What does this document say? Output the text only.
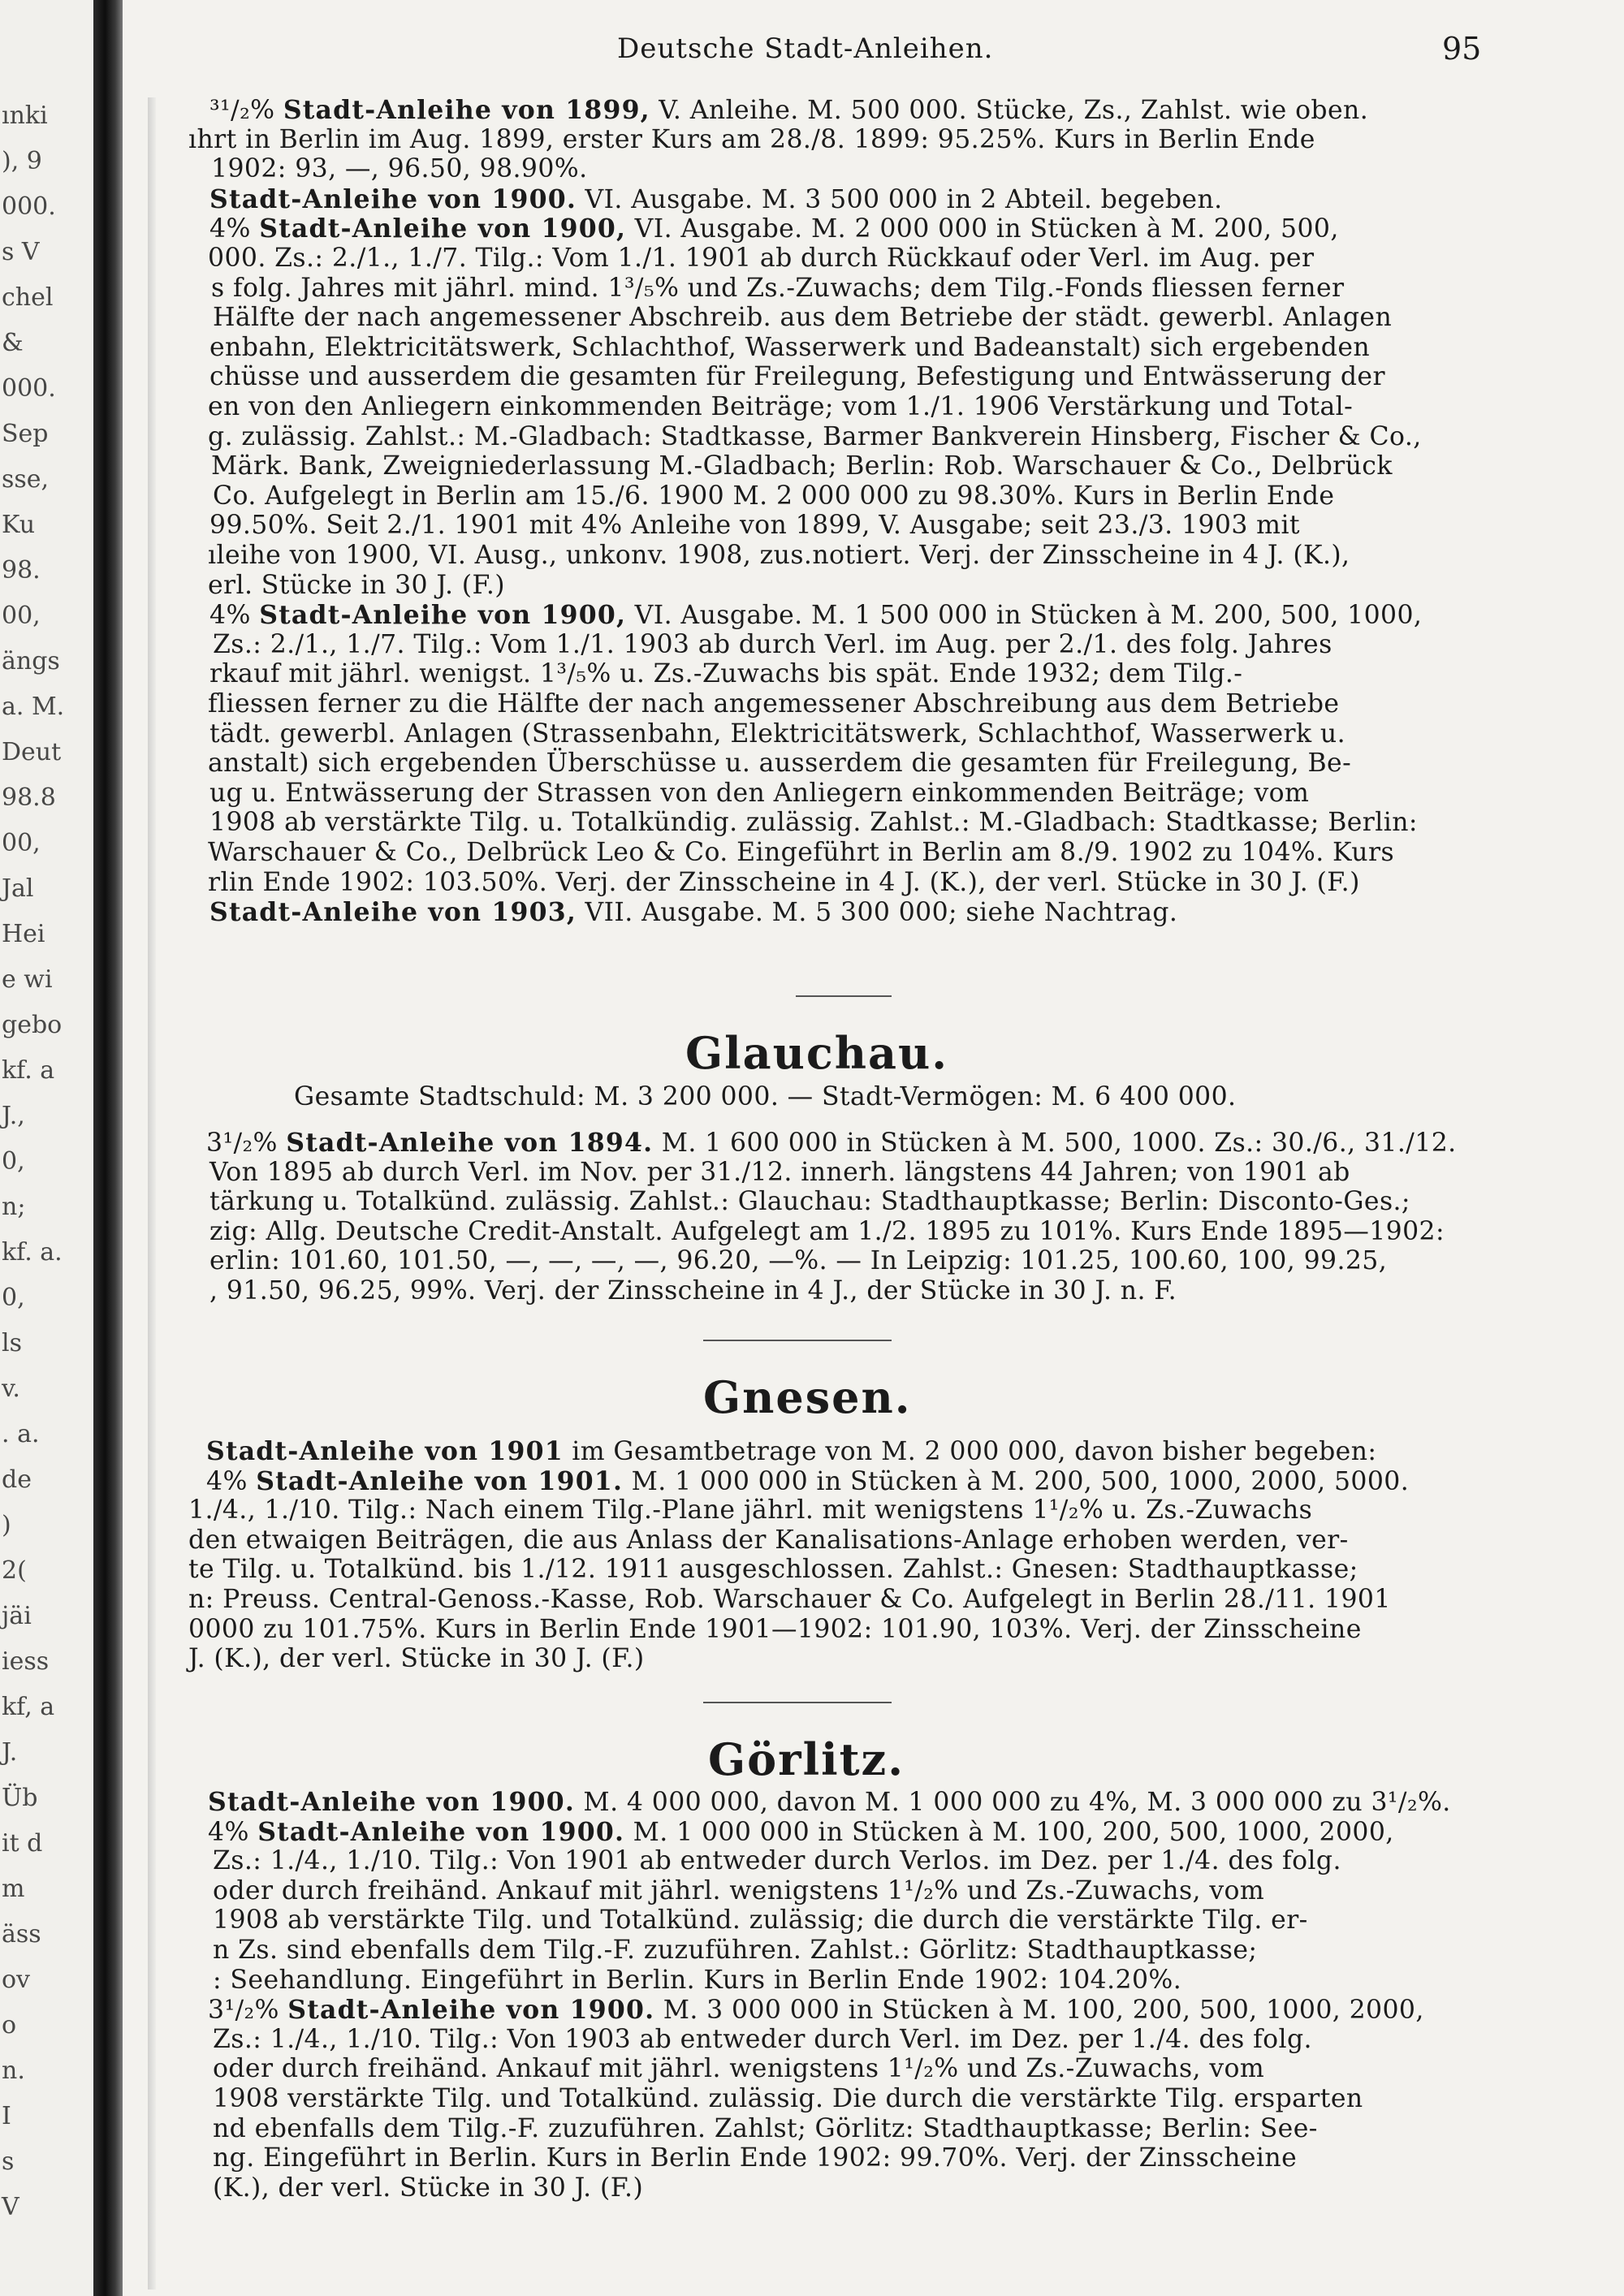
ınki
), 9
000.
s V
chel
&
000.
Sep
sse,
Ku
98.
00,
ängs
a. M.
Deut
98.8
00,
Jal
Hei
e wi
gebo
kf. a
J.,
0,
n;
kf. a.
0,
ls
v.
. a.
de
)
2(
jäi
iess
kf, a
J.
Üb
it d
m
äss
ov
o
n.
I
s
V
Deutsche Stadt-Anleihen.	95
³¹/₂% Stadt-Anleihe von 1899, V. Anleihe. M. 500 000. Stücke, Zs., Zahlst. wie oben.
ıhrt in Berlin im Aug. 1899, erster Kurs am 28./8. 1899: 95.25%. Kurs in Berlin Ende
1902: 93, —, 96.50, 98.90%.
Stadt-Anleihe von 1900. VI. Ausgabe. M. 3 500 000 in 2 Abteil. begeben.
4% Stadt-Anleihe von 1900, VI. Ausgabe. M. 2 000 000 in Stücken à M. 200, 500,
000. Zs.: 2./1., 1./7. Tilg.: Vom 1./1. 1901 ab durch Rückkauf oder Verl. im Aug. per
s folg. Jahres mit jährl. mind. 1³/₅% und Zs.-Zuwachs; dem Tilg.-Fonds fliessen ferner
Hälfte der nach angemessener Abschreib. aus dem Betriebe der städt. gewerbl. Anlagen
enbahn, Elektricitätswerk, Schlachthof, Wasserwerk und Badeanstalt) sich ergebenden
chüsse und ausserdem die gesamten für Freilegung, Befestigung und Entwässerung der
en von den Anliegern einkommenden Beiträge; vom 1./1. 1906 Verstärkung und Total-
g. zulässig. Zahlst.: M.-Gladbach: Stadtkasse, Barmer Bankverein Hinsberg, Fischer & Co.,
Märk. Bank, Zweigniederlassung M.-Gladbach; Berlin: Rob. Warschauer & Co., Delbrück
Co. Aufgelegt in Berlin am 15./6. 1900 M. 2 000 000 zu 98.30%. Kurs in Berlin Ende
99.50%. Seit 2./1. 1901 mit 4% Anleihe von 1899, V. Ausgabe; seit 23./3. 1903 mit
ıleihe von 1900, VI. Ausg., unkonv. 1908, zus.notiert. Verj. der Zinsscheine in 4 J. (K.),
erl. Stücke in 30 J. (F.)
4% Stadt-Anleihe von 1900, VI. Ausgabe. M. 1 500 000 in Stücken à M. 200, 500, 1000,
Zs.: 2./1., 1./7. Tilg.: Vom 1./1. 1903 ab durch Verl. im Aug. per 2./1. des folg. Jahres
rkauf mit jährl. wenigst. 1³/₅% u. Zs.-Zuwachs bis spät. Ende 1932; dem Tilg.-
fliessen ferner zu die Hälfte der nach angemessener Abschreibung aus dem Betriebe
tädt. gewerbl. Anlagen (Strassenbahn, Elektricitätswerk, Schlachthof, Wasserwerk u.
anstalt) sich ergebenden Überschüsse u. ausserdem die gesamten für Freilegung, Be-
ug u. Entwässerung der Strassen von den Anliegern einkommenden Beiträge; vom
1908 ab verstärkte Tilg. u. Totalkündig. zulässig. Zahlst.: M.-Gladbach: Stadtkasse; Berlin:
Warschauer & Co., Delbrück Leo & Co. Eingeführt in Berlin am 8./9. 1902 zu 104%. Kurs
rlin Ende 1902: 103.50%. Verj. der Zinsscheine in 4 J. (K.), der verl. Stücke in 30 J. (F.)
Stadt-Anleihe von 1903, VII. Ausgabe. M. 5 300 000; siehe Nachtrag.
Glauchau.
Gesamte Stadtschuld: M. 3 200 000. — Stadt-Vermögen: M. 6 400 000.
3¹/₂% Stadt-Anleihe von 1894. M. 1 600 000 in Stücken à M. 500, 1000. Zs.: 30./6., 31./12.
Von 1895 ab durch Verl. im Nov. per 31./12. innerh. längstens 44 Jahren; von 1901 ab
tärkung u. Totalkünd. zulässig. Zahlst.: Glauchau: Stadthauptkasse; Berlin: Disconto-Ges.;
zig: Allg. Deutsche Credit-Anstalt. Aufgelegt am 1./2. 1895 zu 101%. Kurs Ende 1895—1902:
erlin: 101.60, 101.50, —, —, —, —, 96.20, —%. — In Leipzig: 101.25, 100.60, 100, 99.25,
, 91.50, 96.25, 99%. Verj. der Zinsscheine in 4 J., der Stücke in 30 J. n. F.
Gnesen.
Stadt-Anleihe von 1901 im Gesamtbetrage von M. 2 000 000, davon bisher begeben:
4% Stadt-Anleihe von 1901. M. 1 000 000 in Stücken à M. 200, 500, 1000, 2000, 5000.
1./4., 1./10. Tilg.: Nach einem Tilg.-Plane jährl. mit wenigstens 1¹/₂% u. Zs.-Zuwachs
den etwaigen Beiträgen, die aus Anlass der Kanalisations-Anlage erhoben werden, ver-
te Tilg. u. Totalkünd. bis 1./12. 1911 ausgeschlossen. Zahlst.: Gnesen: Stadthauptkasse;
n: Preuss. Central-Genoss.-Kasse, Rob. Warschauer & Co. Aufgelegt in Berlin 28./11. 1901
0000 zu 101.75%. Kurs in Berlin Ende 1901—1902: 101.90, 103%. Verj. der Zinsscheine
J. (K.), der verl. Stücke in 30 J. (F.)
Görlitz.
Stadt-Anleihe von 1900. M. 4 000 000, davon M. 1 000 000 zu 4%, M. 3 000 000 zu 3¹/₂%.
4% Stadt-Anleihe von 1900. M. 1 000 000 in Stücken à M. 100, 200, 500, 1000, 2000,
Zs.: 1./4., 1./10. Tilg.: Von 1901 ab entweder durch Verlos. im Dez. per 1./4. des folg.
oder durch freihänd. Ankauf mit jährl. wenigstens 1¹/₂% und Zs.-Zuwachs, vom
1908 ab verstärkte Tilg. und Totalkünd. zulässig; die durch die verstärkte Tilg. er-
n Zs. sind ebenfalls dem Tilg.-F. zuzuführen. Zahlst.: Görlitz: Stadthauptkasse;
: Seehandlung. Eingeführt in Berlin. Kurs in Berlin Ende 1902: 104.20%.
3¹/₂% Stadt-Anleihe von 1900. M. 3 000 000 in Stücken à M. 100, 200, 500, 1000, 2000,
Zs.: 1./4., 1./10. Tilg.: Von 1903 ab entweder durch Verl. im Dez. per 1./4. des folg.
oder durch freihänd. Ankauf mit jährl. wenigstens 1¹/₂% und Zs.-Zuwachs, vom
1908 verstärkte Tilg. und Totalkünd. zulässig. Die durch die verstärkte Tilg. ersparten
nd ebenfalls dem Tilg.-F. zuzuführen. Zahlst; Görlitz: Stadthauptkasse; Berlin: See-
ng. Eingeführt in Berlin. Kurs in Berlin Ende 1902: 99.70%. Verj. der Zinsscheine
(K.), der verl. Stücke in 30 J. (F.)
